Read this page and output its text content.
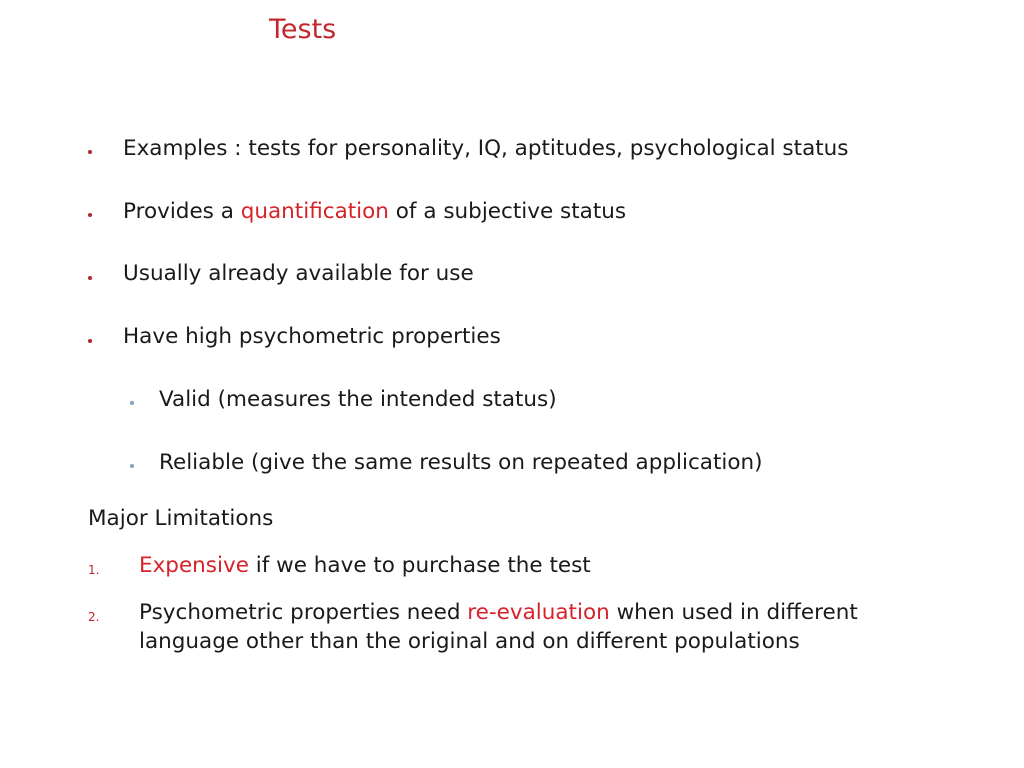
Tests
Examples : tests for personality, IQ, aptitudes, psychological status
Provides a quantification of a subjective status
Usually already available for use
Have high psychometric properties
Valid (measures the intended status)
Reliable (give the same results on repeated application)
Major Limitations
1. Expensive if we have to purchase the test
2. Psychometric properties need re-evaluation when used in different
language other than the original and on different populations
